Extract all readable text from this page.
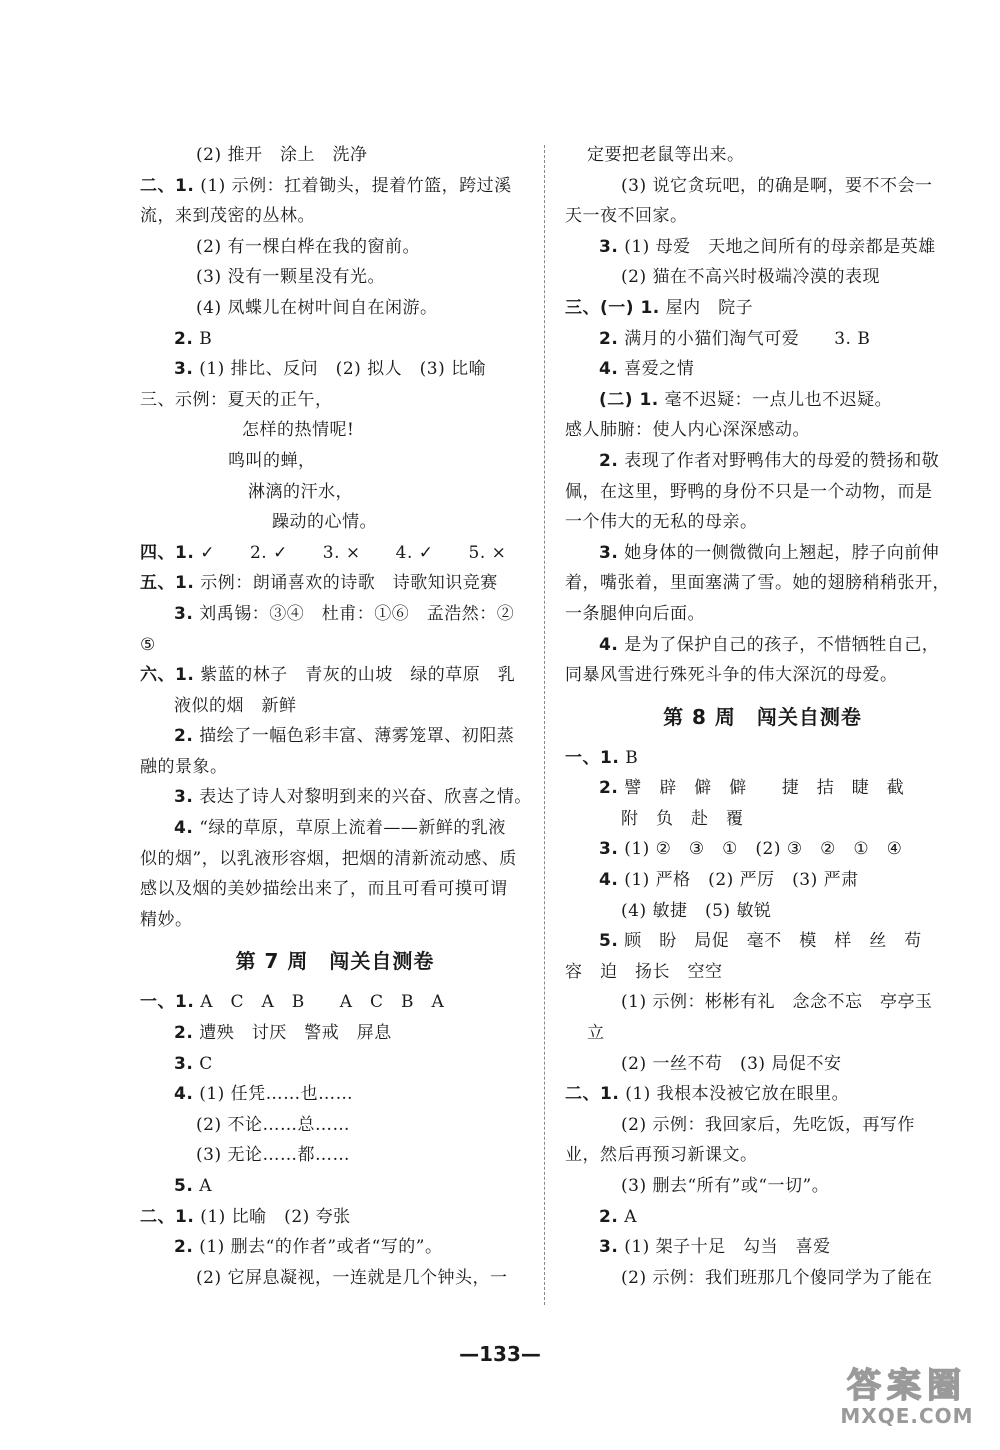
(2) 推开　涂上　洗净
二、1. (1) 示例：扛着锄头，提着竹篮，跨过溪
流，来到茂密的丛林。
(2) 有一棵白桦在我的窗前。
(3) 没有一颗星没有光。
(4) 凤蝶儿在树叶间自在闲游。
2. B
3. (1) 排比、反问　(2) 拟人　(3) 比喻
三、示例：夏天的正午，
怎样的热情呢!
鸣叫的蝉，
淋漓的汗水，
躁动的心情。
四、1. ✓　　2. ✓　　3. ×　　4. ✓　　5. ×
五、1. 示例：朗诵喜欢的诗歌　诗歌知识竞赛
3. 刘禹锡：③④　杜甫：①⑥　孟浩然：②
⑤
六、1. 紫蓝的林子　青灰的山坡　绿的草原　乳
液似的烟　新鲜
2. 描绘了一幅色彩丰富、薄雾笼罩、初阳蒸
融的景象。
3. 表达了诗人对黎明到来的兴奋、欣喜之情。
4. “绿的草原，草原上流着——新鲜的乳液
似的烟”，以乳液形容烟，把烟的清新流动感、质
感以及烟的美妙描绘出来了，而且可看可摸可谓
精妙。
第 7 周　闯关自测卷
一、1. A　C　A　B　　A　C　B　A
2. 遭殃　讨厌　警戒　屏息
3. C
4. (1) 任凭……也……
(2) 不论……总……
(3) 无论……都……
5. A
二、1. (1) 比喻　(2) 夸张
2. (1) 删去“的作者”或者“写的”。
(2) 它屏息凝视，一连就是几个钟头，一
定要把老鼠等出来。
(3) 说它贪玩吧，的确是啊，要不不会一
天一夜不回家。
3. (1) 母爱　天地之间所有的母亲都是英雄
(2) 猫在不高兴时极端冷漠的表现
三、(一) 1. 屋内　院子
2. 满月的小猫们淘气可爱　　3. B
4. 喜爱之情
(二) 1. 毫不迟疑：一点儿也不迟疑。
感人肺腑：使人内心深深感动。
2. 表现了作者对野鸭伟大的母爱的赞扬和敬
佩，在这里，野鸭的身份不只是一个动物，而是
一个伟大的无私的母亲。
3. 她身体的一侧微微向上翘起，脖子向前伸
着，嘴张着，里面塞满了雪。她的翅膀稍稍张开，
一条腿伸向后面。
4. 是为了保护自己的孩子，不惜牺牲自己，
同暴风雪进行殊死斗争的伟大深沉的母爱。
第 8 周　闯关自测卷
一、1. B
2. 譬　辟　僻　僻　　捷　拮　睫　截
附　负　赴　覆
3. (1) ②　③　①　(2) ③　②　①　④
4. (1) 严格　(2) 严厉　(3) 严肃
(4) 敏捷　(5) 敏锐
5. 顾　盼　局促　毫不　模　样　丝　苟
容　迫　扬长　空空
(1) 示例：彬彬有礼　念念不忘　亭亭玉
立
(2) 一丝不苟　(3) 局促不安
二、1. (1) 我根本没被它放在眼里。
(2) 示例：我回家后，先吃饭，再写作
业，然后再预习新课文。
(3) 删去“所有”或“一切”。
2. A
3. (1) 架子十足　勾当　喜爱
(2) 示例：我们班那几个傻同学为了能在
—133—
答案圈
MXQE.COM
